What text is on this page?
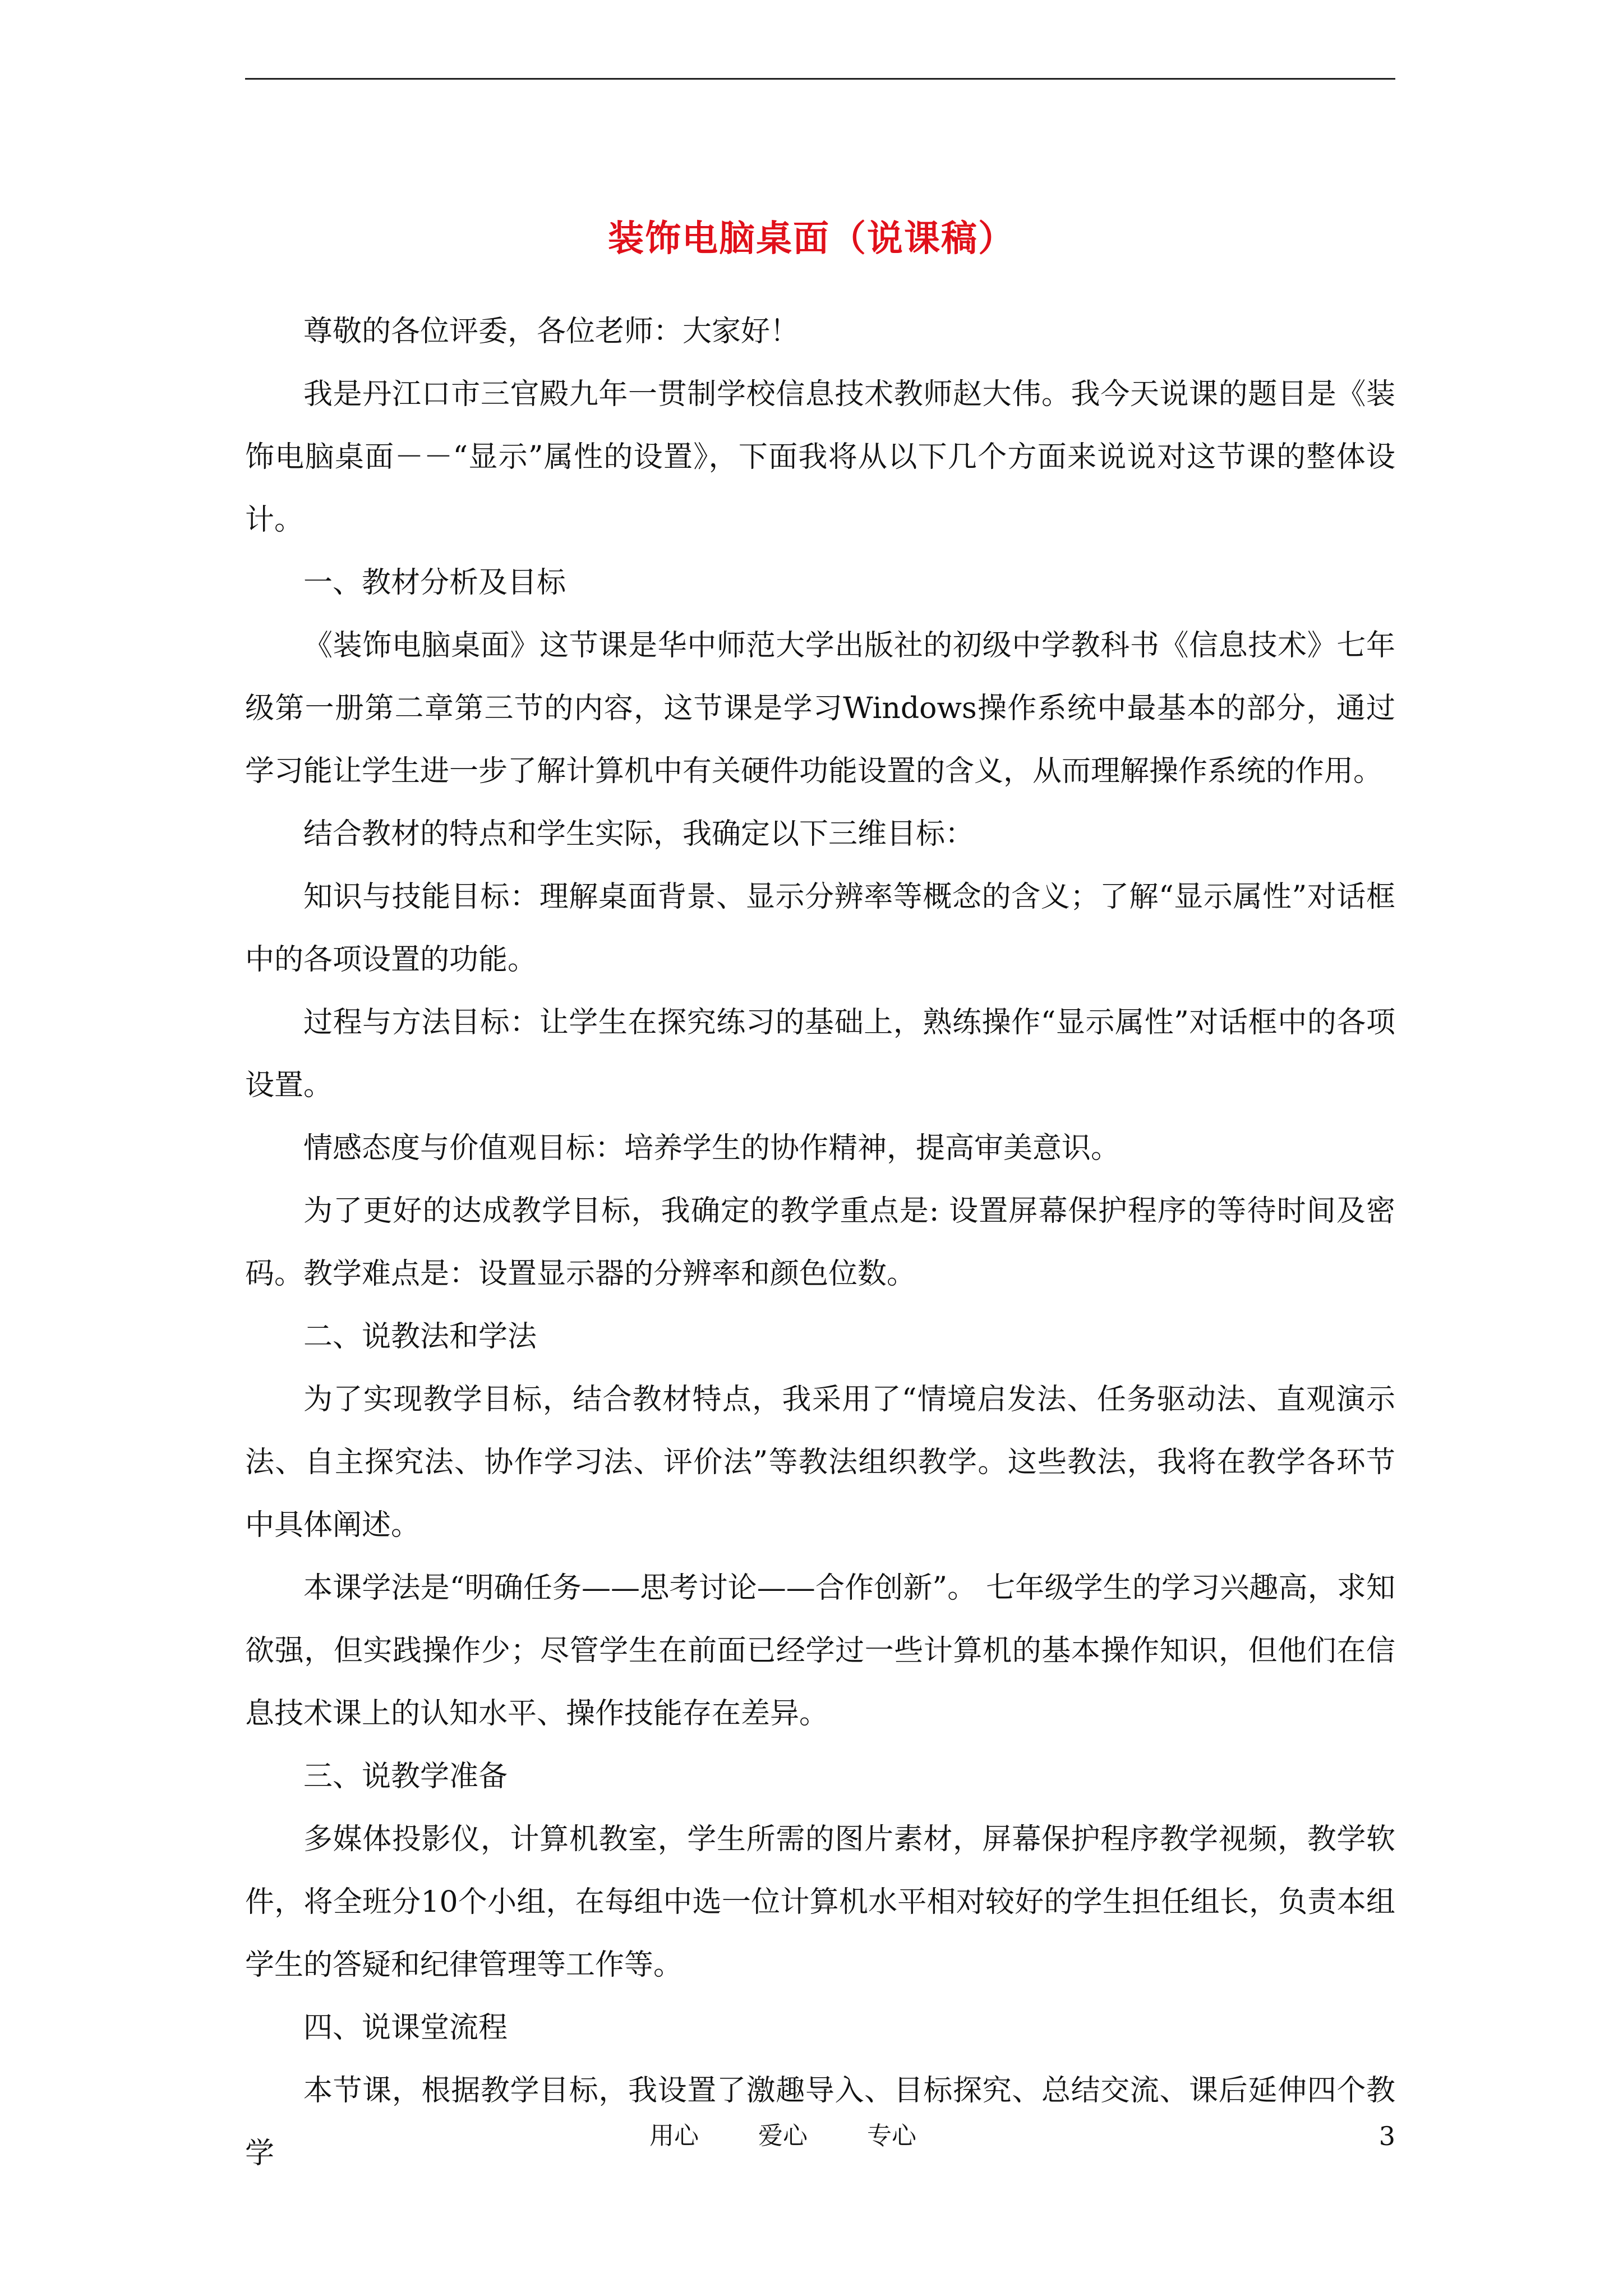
装饰电脑桌面（说课稿）

尊敬的各位评委，各位老师：大家好！

我是丹江口市三官殿九年一贯制学校信息技术教师赵大伟。我今天说课的题目是《装饰电脑桌面－－“显示”属性的设置》，下面我将从以下几个方面来说说对这节课的整体设计。

一、教材分析及目标

《装饰电脑桌面》这节课是华中师范大学出版社的初级中学教科书《信息技术》七年级第一册第二章第三节的内容，这节课是学习Windows操作系统中最基本的部分，通过学习能让学生进一步了解计算机中有关硬件功能设置的含义，从而理解操作系统的作用。

结合教材的特点和学生实际，我确定以下三维目标：

知识与技能目标：理解桌面背景、显示分辨率等概念的含义；了解“显示属性”对话框中的各项设置的功能。

过程与方法目标：让学生在探究练习的基础上，熟练操作“显示属性”对话框中的各项设置。

情感态度与价值观目标：培养学生的协作精神，提高审美意识。

为了更好的达成教学目标，我确定的教学重点是: 设置屏幕保护程序的等待时间及密码。教学难点是：设置显示器的分辨率和颜色位数。

二、说教法和学法

为了实现教学目标，结合教材特点，我采用了“情境启发法、任务驱动法、直观演示法、自主探究法、协作学习法、评价法”等教法组织教学。这些教法，我将在教学各环节中具体阐述。

本课学法是“明确任务——思考讨论——合作创新”。 七年级学生的学习兴趣高，求知欲强，但实践操作少；尽管学生在前面已经学过一些计算机的基本操作知识，但他们在信息技术课上的认知水平、操作技能存在差异。

三、说教学准备

多媒体投影仪，计算机教室，学生所需的图片素材，屏幕保护程序教学视频，教学软件，将全班分10个小组，在每组中选一位计算机水平相对较好的学生担任组长，负责本组学生的答疑和纪律管理等工作等。

四、说课堂流程

本节课，根据教学目标，我设置了激趣导入、目标探究、总结交流、课后延伸四个教学

用心 爱心 专心	3
